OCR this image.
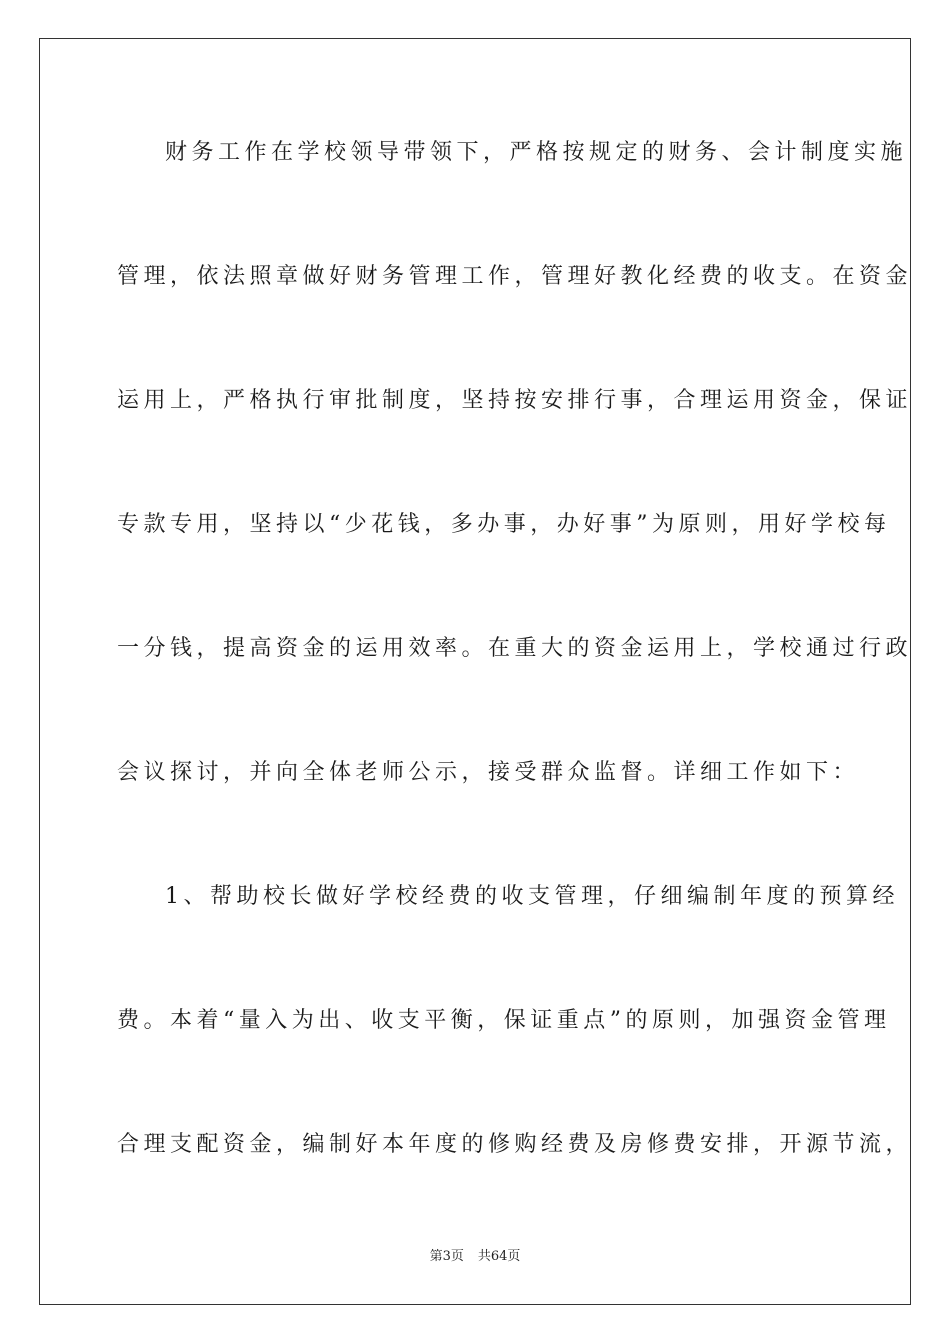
财务工作在学校领导带领下，严格按规定的财务、会计制度实施
管理，依法照章做好财务管理工作，管理好教化经费的收支。在资金
运用上，严格执行审批制度，坚持按安排行事，合理运用资金，保证
专款专用，坚持以“少花钱，多办事，办好事”为原则，用好学校每
一分钱，提高资金的运用效率。在重大的资金运用上，学校通过行政
会议探讨，并向全体老师公示，接受群众监督。详细工作如下：
1、帮助校长做好学校经费的收支管理，仔细编制年度的预算经
费。本着“量入为出、收支平衡，保证重点”的原则，加强资金管理
合理支配资金，编制好本年度的修购经费及房修费安排，开源节流，
第3页 共64页
